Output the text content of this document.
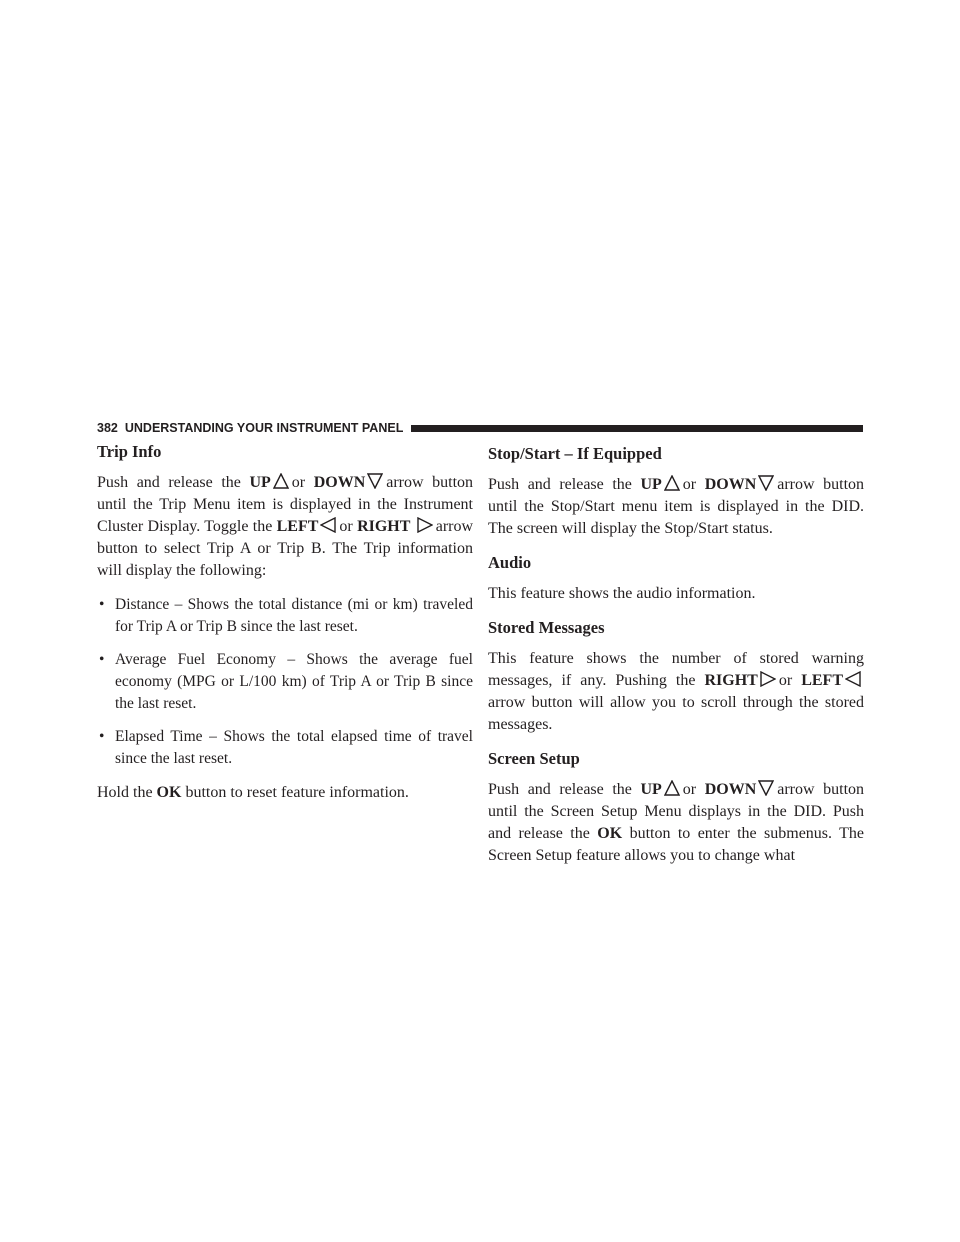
382 UNDERSTANDING YOUR INSTRUMENT PANEL
Trip Info

Push and release the UP or DOWN arrow button until the Trip Menu item is displayed in the Instrument Cluster Display. Toggle the LEFT or RIGHT arrow button to select Trip A or Trip B. The Trip information will display the following:

• Distance – Shows the total distance (mi or km) traveled for Trip A or Trip B since the last reset.
• Average Fuel Economy – Shows the average fuel economy (MPG or L/100 km) of Trip A or Trip B since the last reset.
• Elapsed Time – Shows the total elapsed time of travel since the last reset.

Hold the OK button to reset feature information.

Stop/Start – If Equipped

Push and release the UP or DOWN arrow button until the Stop/Start menu item is displayed in the DID. The screen will display the Stop/Start status.

Audio

This feature shows the audio information.

Stored Messages

This feature shows the number of stored warning messages, if any. Pushing the RIGHT or LEFTarrow button will allow you to scroll through the stored messages.

Screen Setup

Push and release the UP or DOWN arrow button until the Screen Setup Menu displays in the DID. Push and release the OK button to enter the submenus. The Screen Setup feature allows you to change what
